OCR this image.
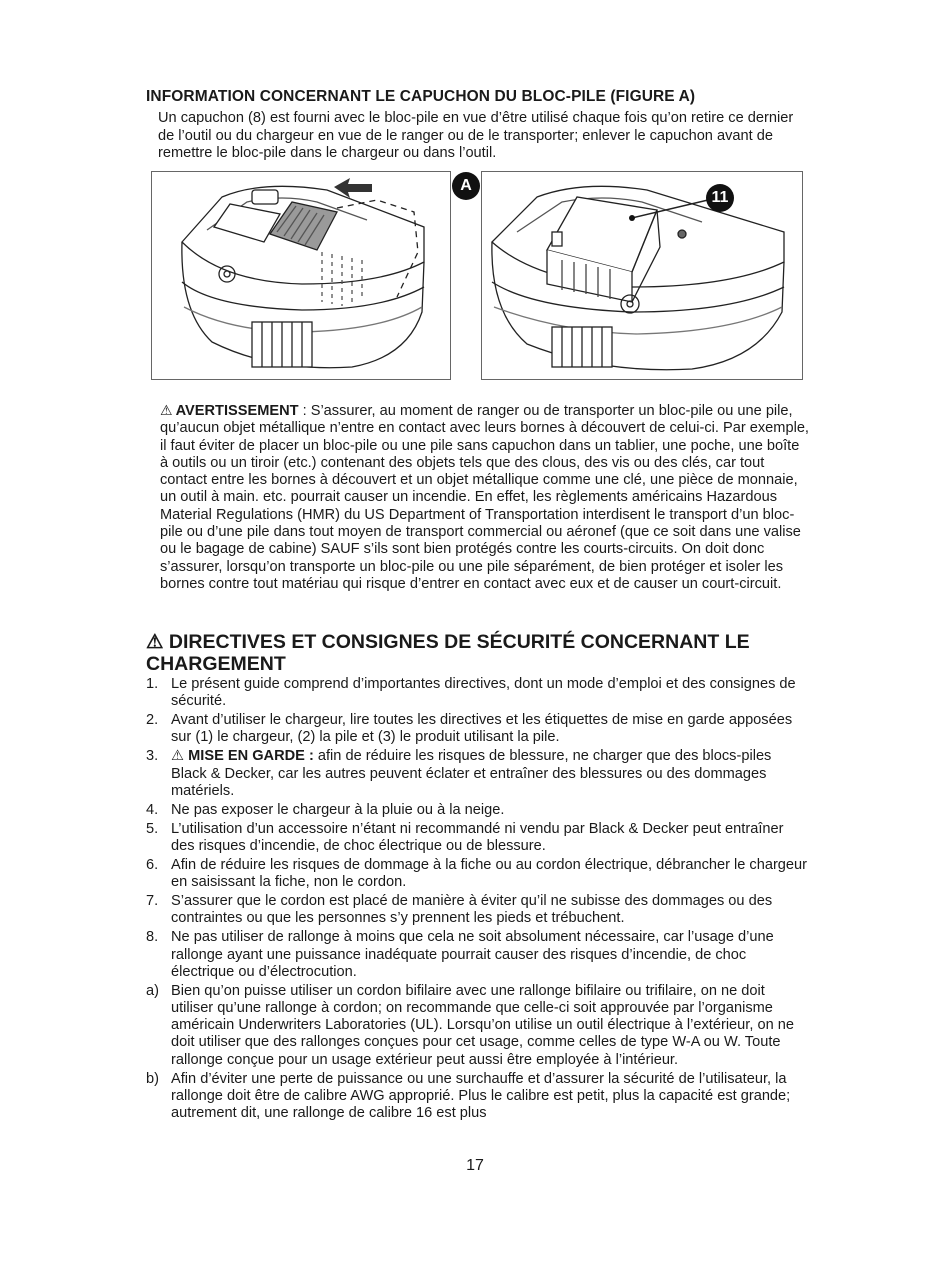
INFORMATION CONCERNANT LE CAPUCHON DU BLOC-PILE (FIGURE A)
Un capuchon (8) est fourni avec le bloc-pile en vue d’être utilisé chaque fois qu’on retire ce dernier de l’outil ou du chargeur en vue de le ranger ou de le transporter; enlever le capuchon avant de remettre le bloc-pile dans le chargeur ou dans l’outil.
A
11
⚠ AVERTISSEMENT : S’assurer, au moment de ranger ou de transporter un bloc-pile ou une pile, qu’aucun objet métallique n’entre en contact avec leurs bornes à découvert de celui-ci. Par exemple, il faut éviter de placer un bloc-pile ou une pile sans capuchon dans un tablier, une poche, une boîte à outils ou un tiroir (etc.) contenant des objets tels que des clous, des vis ou des clés, car tout contact entre les bornes à découvert et un objet métallique comme une clé, une pièce de monnaie, un outil à main. etc. pourrait causer un incendie. En effet, les règlements américains Hazardous Material Regulations (HMR) du US Department of Transportation interdisent le transport d’un bloc-pile ou d’une pile dans tout moyen de transport commercial ou aéronef (que ce soit dans une valise ou le bagage de cabine) SAUF s’ils sont bien protégés contre les courts-circuits. On doit donc s’assurer, lorsqu’on transporte un bloc-pile ou une pile séparément, de bien protéger et isoler les bornes contre tout matériau qui risque d’entrer en contact avec eux et de causer un court-circuit.
⚠ DIRECTIVES ET CONSIGNES DE SÉCURITÉ CONCERNANT LE CHARGEMENT
1. Le présent guide comprend d’importantes directives, dont un mode d’emploi et des consignes de sécurité.
2. Avant d’utiliser le chargeur, lire toutes les directives et les étiquettes de mise en garde apposées sur (1) le chargeur, (2) la pile et (3) le produit utilisant la pile.
3. ⚠ MISE EN GARDE : afin de réduire les risques de blessure, ne charger que des blocs-piles Black & Decker, car les autres peuvent éclater et entraîner des blessures ou des dommages matériels.
4. Ne pas exposer le chargeur à la pluie ou à la neige.
5. L’utilisation d’un accessoire n’étant ni recommandé ni vendu par Black & Decker peut entraîner des risques d’incendie, de choc électrique ou de blessure.
6. Afin de réduire les risques de dommage à la fiche ou au cordon électrique, débrancher le chargeur en saisissant la fiche, non le cordon.
7. S’assurer que le cordon est placé de manière à éviter qu’il ne subisse des dommages ou des contraintes ou que les personnes s’y prennent les pieds et trébuchent.
8. Ne pas utiliser de rallonge à moins que cela ne soit absolument nécessaire, car l’usage d’une rallonge ayant une puissance inadéquate pourrait causer des risques d’incendie, de choc électrique ou d’électrocution.
a) Bien qu’on puisse utiliser un cordon bifilaire avec une rallonge bifilaire ou trifilaire, on ne doit utiliser qu’une rallonge à cordon; on recommande que celle-ci soit approuvée par l’organisme américain Underwriters Laboratories (UL). Lorsqu’on utilise un outil électrique à l’extérieur, on ne doit utiliser que des rallonges conçues pour cet usage, comme celles de type W-A ou W. Toute rallonge conçue pour un usage extérieur peut aussi être employée à l’intérieur.
b) Afin d’éviter une perte de puissance ou une surchauffe et d’assurer la sécurité de l’utilisateur, la rallonge doit être de calibre AWG approprié. Plus le calibre est petit, plus la capacité est grande; autrement dit, une rallonge de calibre 16 est plus
17
